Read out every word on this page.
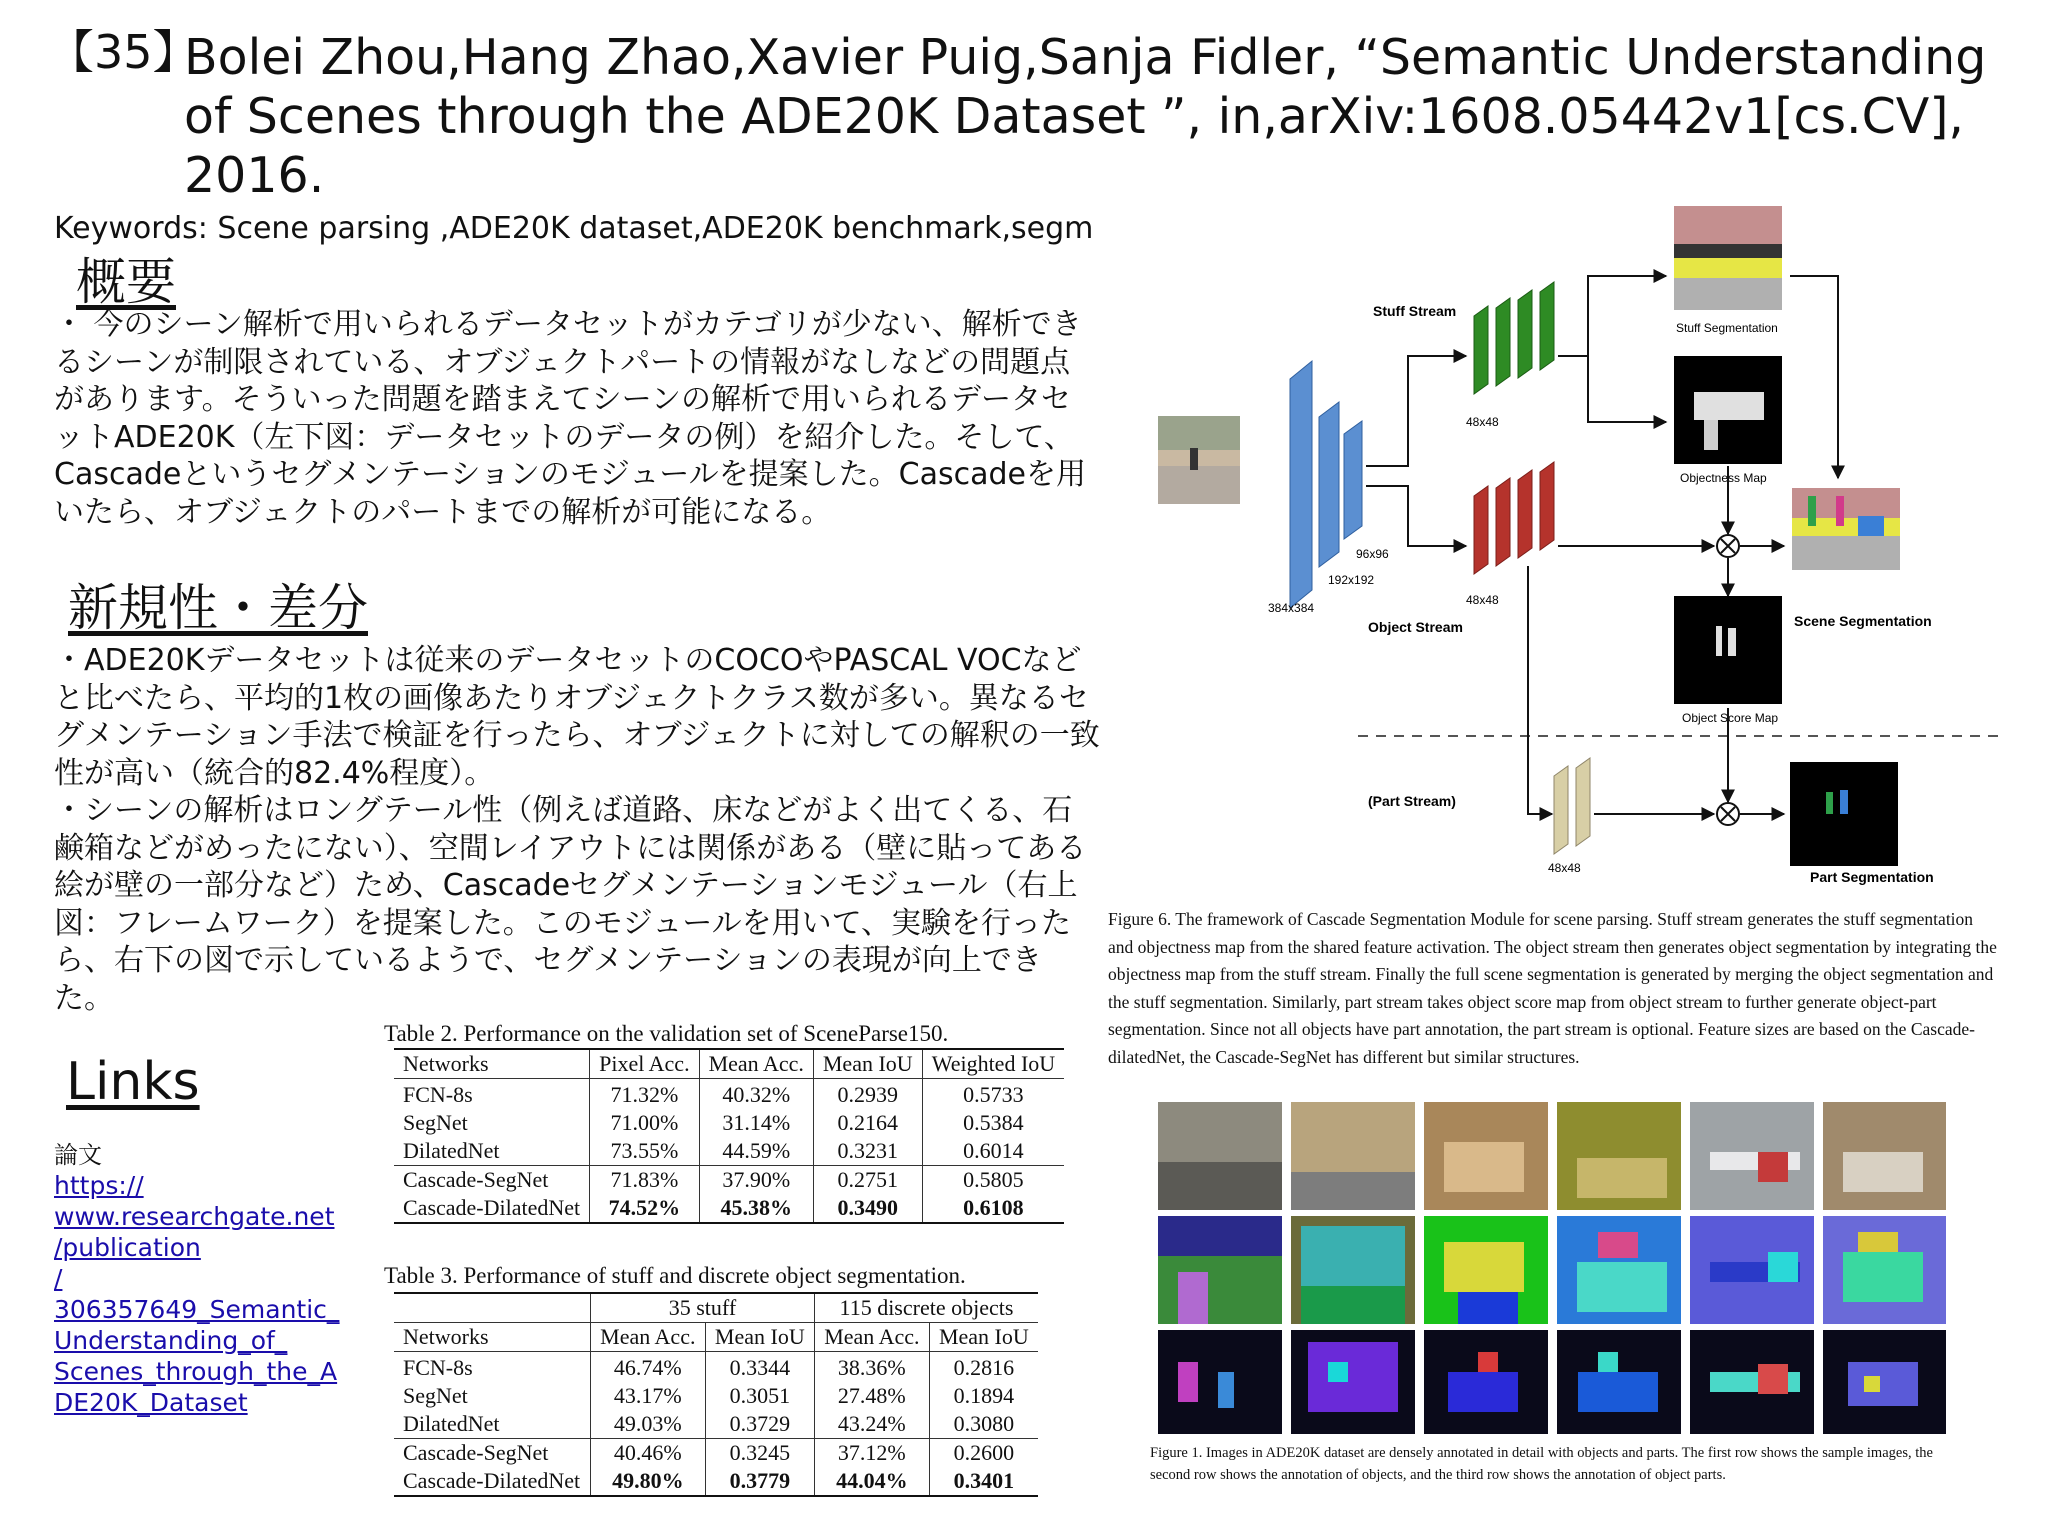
【35】
Bolei Zhou,Hang Zhao,Xavier Puig,Sanja Fidler, “Semantic Understanding of Scenes through the ADE20K Dataset ”, in,arXiv:1608.05442v1[cs.CV], 2016.
Keywords: Scene parsing ,ADE20K dataset,ADE20K benchmark,segm
概要
・ 今のシーン解析で用いられるデータセットがカテゴリが少ない、解析できるシーンが制限されている、オブジェクトパートの情報がなしなどの問題点があります。そういった問題を踏まえてシーンの解析で用いられるデータセットADE20K（左下図：データセットのデータの例）を紹介した。そして、Cascadeというセグメンテーションのモジュールを提案した。Cascadeを用いたら、オブジェクトのパートまでの解析が可能になる。
新規性・差分

・ADE20Kデータセットは従来のデータセットのCOCOやPASCAL VOCなどと比べたら、平均的1枚の画像あたりオブジェクトクラス数が多い。異なるセグメンテーション手法で検証を行ったら、オブジェクトに対しての解釈の一致性が高い（統合的82.4%程度）。

・シーンの解析はロングテール性（例えば道路、床などがよく出てくる、石鹸箱などがめったにない）、空間レイアウトには関係がある（壁に貼ってある絵が壁の一部分など）ため、Cascadeセグメンテーションモジュール（右上図：フレームワーク）を提案した。このモジュールを用いて、実験を行ったら、右下の図で示しているようで、セグメンテーションの表現が向上できた。

Links
論文
https://
www.researchgate.net
/publication
/
306357649_Semantic_
Understanding_of_
Scenes_through_the_A
DE20K_Dataset
Table 2. Performance on the validation set of SceneParse150.
Networks	Pixel Acc.	Mean Acc.	Mean IoU	Weighted IoU
FCN-8s	71.32%	40.32%	0.2939	0.5733
SegNet	71.00%	31.14%	0.2164	0.5384
DilatedNet	73.55%	44.59%	0.3231	0.6014
Cascade-SegNet	71.83%	37.90%	0.2751	0.5805
Cascade-DilatedNet	74.52%	45.38%	0.3490	0.6108
Table 3. Performance of stuff and discrete object segmentation.
	35 stuff		115 discrete objects	
Networks	Mean Acc.	Mean IoU	Mean Acc.	Mean IoU
FCN-8s	46.74%	0.3344	38.36%	0.2816
SegNet	43.17%	0.3051	27.48%	0.1894
DilatedNet	49.03%	0.3729	43.24%	0.3080
Cascade-SegNet	40.46%	0.3245	37.12%	0.2600
Cascade-DilatedNet	49.80%	0.3779	44.04%	0.3401
384x384
192x192
96x96
Stuff Stream
48x48
Object Stream
48x48
Stuff Segmentation
Objectness Map
Scene Segmentation
Object Score Map
(Part Stream)
48x48
Part Segmentation
Figure 6. The framework of Cascade Segmentation Module for scene parsing. Stuff stream generates the stuff segmentation and objectness map from the shared feature activation. The object stream then generates object segmentation by integrating the objectness map from the stuff stream. Finally the full scene segmentation is generated by merging the object segmentation and the stuff segmentation. Similarly, part stream takes object score map from object stream to further generate object-part segmentation. Since not all objects have part annotation, the part stream is optional. Feature sizes are based on the Cascade-dilatedNet, the Cascade-SegNet has different but similar structures.
Figure 1. Images in ADE20K dataset are densely annotated in detail with objects and parts. The first row shows the sample images, the second row shows the annotation of objects, and the third row shows the annotation of object parts.
